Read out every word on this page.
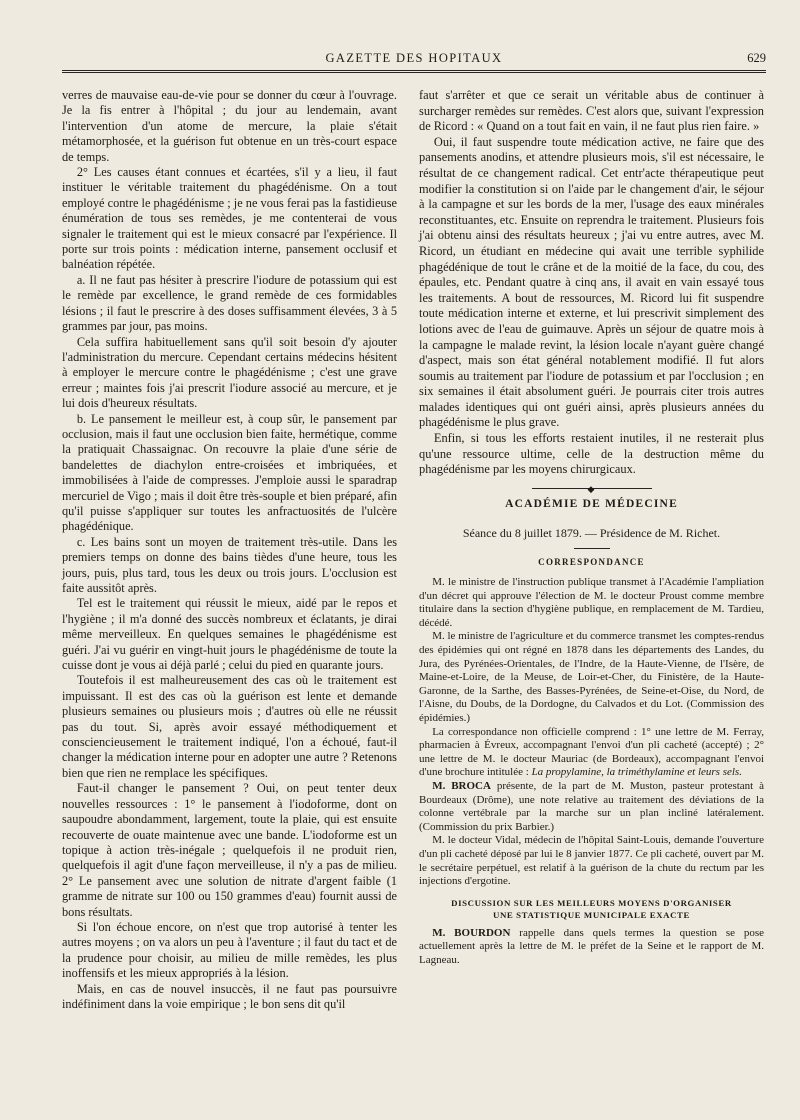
GAZETTE DES HOPITAUX	629

verres de mauvaise eau-de-vie pour se donner du cœur à l'ouvrage. Je la fis entrer à l'hôpital ; du jour au lendemain, avant l'intervention d'un atome de mercure, la plaie s'était métamorphosée, et la guérison fut obtenue en un très-court espace de temps.

2° Les causes étant connues et écartées, s'il y a lieu, il faut instituer le véritable traitement du phagédénisme. On a tout employé contre le phagédénisme ; je ne vous ferai pas la fastidieuse énumération de tous ses remèdes, je me contenterai de vous signaler le traitement qui est le mieux consacré par l'expérience. Il porte sur trois points : médication interne, pansement occlusif et balnéation répétée.

a. Il ne faut pas hésiter à prescrire l'iodure de potassium qui est le remède par excellence, le grand remède de ces formidables lésions ; il faut le prescrire à des doses suffisamment élevées, 3 à 5 grammes par jour, pas moins.

Cela suffira habituellement sans qu'il soit besoin d'y ajouter l'administration du mercure. Cependant certains médecins hésitent à employer le mercure contre le phagédénisme ; c'est une grave erreur ; maintes fois j'ai prescrit l'iodure associé au mercure, et je lui dois d'heureux résultats.

b. Le pansement le meilleur est, à coup sûr, le pansement par occlusion, mais il faut une occlusion bien faite, hermétique, comme la pratiquait Chassaignac. On recouvre la plaie d'une série de bandelettes de diachylon entre-croisées et imbriquées, et immobilisées à l'aide de compresses. J'emploie aussi le sparadrap mercuriel de Vigo ; mais il doit être très-souple et bien préparé, afin qu'il puisse s'appliquer sur toutes les anfractuosités de l'ulcère phagédénique.

c. Les bains sont un moyen de traitement très-utile. Dans les premiers temps on donne des bains tièdes d'une heure, tous les jours, puis, plus tard, tous les deux ou trois jours. L'occlusion est faite aussitôt après.

Tel est le traitement qui réussit le mieux, aidé par le repos et l'hygiène ; il m'a donné des succès nombreux et éclatants, je dirai même merveilleux. En quelques semaines le phagédénisme est guéri. J'ai vu guérir en vingt-huit jours le phagédénisme de toute la cuisse dont je vous ai déjà parlé ; celui du pied en quarante jours.

Toutefois il est malheureusement des cas où le traitement est impuissant. Il est des cas où la guérison est lente et demande plusieurs semaines ou plusieurs mois ; d'autres où elle ne réussit pas du tout. Si, après avoir essayé méthodiquement et consciencieusement le traitement indiqué, l'on a échoué, faut-il changer la médication interne pour en adopter une autre ? Retenons bien que rien ne remplace les spécifiques.

Faut-il changer le pansement ? Oui, on peut tenter deux nouvelles ressources : 1° le pansement à l'iodoforme, dont on saupoudre abondamment, largement, toute la plaie, qui est ensuite recouverte de ouate maintenue avec une bande. L'iodoforme est un topique à action très-inégale ; quelquefois il ne produit rien, quelquefois il agit d'une façon merveilleuse, il n'y a pas de milieu. 2° Le pansement avec une solution de nitrate d'argent faible (1 gramme de nitrate sur 100 ou 150 grammes d'eau) fournit aussi de bons résultats.

Si l'on échoue encore, on n'est que trop autorisé à tenter les autres moyens ; on va alors un peu à l'aventure ; il faut du tact et de la prudence pour choisir, au milieu de mille remèdes, les plus inoffensifs et les mieux appropriés à la lésion.

Mais, en cas de nouvel insuccès, il ne faut pas poursuivre indéfiniment dans la voie empirique ; le bon sens dit qu'il

faut s'arrêter et que ce serait un véritable abus de continuer à surcharger remèdes sur remèdes. C'est alors que, suivant l'expression de Ricord : « Quand on a tout fait en vain, il ne faut plus rien faire. »

Oui, il faut suspendre toute médication active, ne faire que des pansements anodins, et attendre plusieurs mois, s'il est nécessaire, le résultat de ce changement radical. Cet entr'acte thérapeutique peut modifier la constitution si on l'aide par le changement d'air, le séjour à la campagne et sur les bords de la mer, l'usage des eaux minérales reconstituantes, etc. Ensuite on reprendra le traitement. Plusieurs fois j'ai obtenu ainsi des résultats heureux ; j'ai vu entre autres, avec M. Ricord, un étudiant en médecine qui avait une terrible syphilide phagédénique de tout le crâne et de la moitié de la face, du cou, des épaules, etc. Pendant quatre à cinq ans, il avait en vain essayé tous les traitements. A bout de ressources, M. Ricord lui fit suspendre toute médication interne et externe, et lui prescrivit simplement des lotions avec de l'eau de guimauve. Après un séjour de quatre mois à la campagne le malade revint, la lésion locale n'ayant guère changé d'aspect, mais son état général notablement modifié. Il fut alors soumis au traitement par l'iodure de potassium et par l'occlusion ; en six semaines il était absolument guéri. Je pourrais citer trois autres malades identiques qui ont guéri ainsi, après plusieurs années du phagédénisme le plus grave.

Enfin, si tous les efforts restaient inutiles, il ne resterait plus qu'une ressource ultime, celle de la destruction même du phagédénisme par les moyens chirurgicaux.

◆
ACADÉMIE DE MÉDECINE
Séance du 8 juillet 1879. — Présidence de M. Richet.
CORRESPONDANCE

M. le ministre de l'instruction publique transmet à l'Académie l'ampliation d'un décret qui approuve l'élection de M. le docteur Proust comme membre titulaire dans la section d'hygiène publique, en remplacement de M. Tardieu, décédé.

M. le ministre de l'agriculture et du commerce transmet les comptes-rendus des épidémies qui ont régné en 1878 dans les départements des Landes, du Jura, des Pyrénées-Orientales, de l'Indre, de la Haute-Vienne, de l'Isère, de Maine-et-Loire, de la Meuse, de Loir-et-Cher, du Finistère, de la Haute-Garonne, de la Sarthe, des Basses-Pyrénées, de Seine-et-Oise, du Nord, de l'Aisne, du Doubs, de la Dordogne, du Calvados et du Lot. (Commission des épidémies.)

La correspondance non officielle comprend : 1° une lettre de M. Ferray, pharmacien à Évreux, accompagnant l'envoi d'un pli cacheté (accepté) ; 2° une lettre de M. le docteur Mauriac (de Bordeaux), accompagnant l'envoi d'une brochure intitulée : La propylamine, la triméthylamine et leurs sels.

M. BROCA présente, de la part de M. Muston, pasteur protestant à Bourdeaux (Drôme), une note relative au traitement des déviations de la colonne vertébrale par la marche sur un plan incliné latéralement. (Commission du prix Barbier.)

M. le docteur Vidal, médecin de l'hôpital Saint-Louis, demande l'ouverture d'un pli cacheté déposé par lui le 8 janvier 1877. Ce pli cacheté, ouvert par M. le secrétaire perpétuel, est relatif à la guérison de la chute du rectum par les injections d'ergotine.

DISCUSSION SUR LES MEILLEURS MOYENS D'ORGANISER
UNE STATISTIQUE MUNICIPALE EXACTE

M. BOURDON rappelle dans quels termes la question se pose actuellement après la lettre de M. le préfet de la Seine et le rapport de M. Lagneau.
